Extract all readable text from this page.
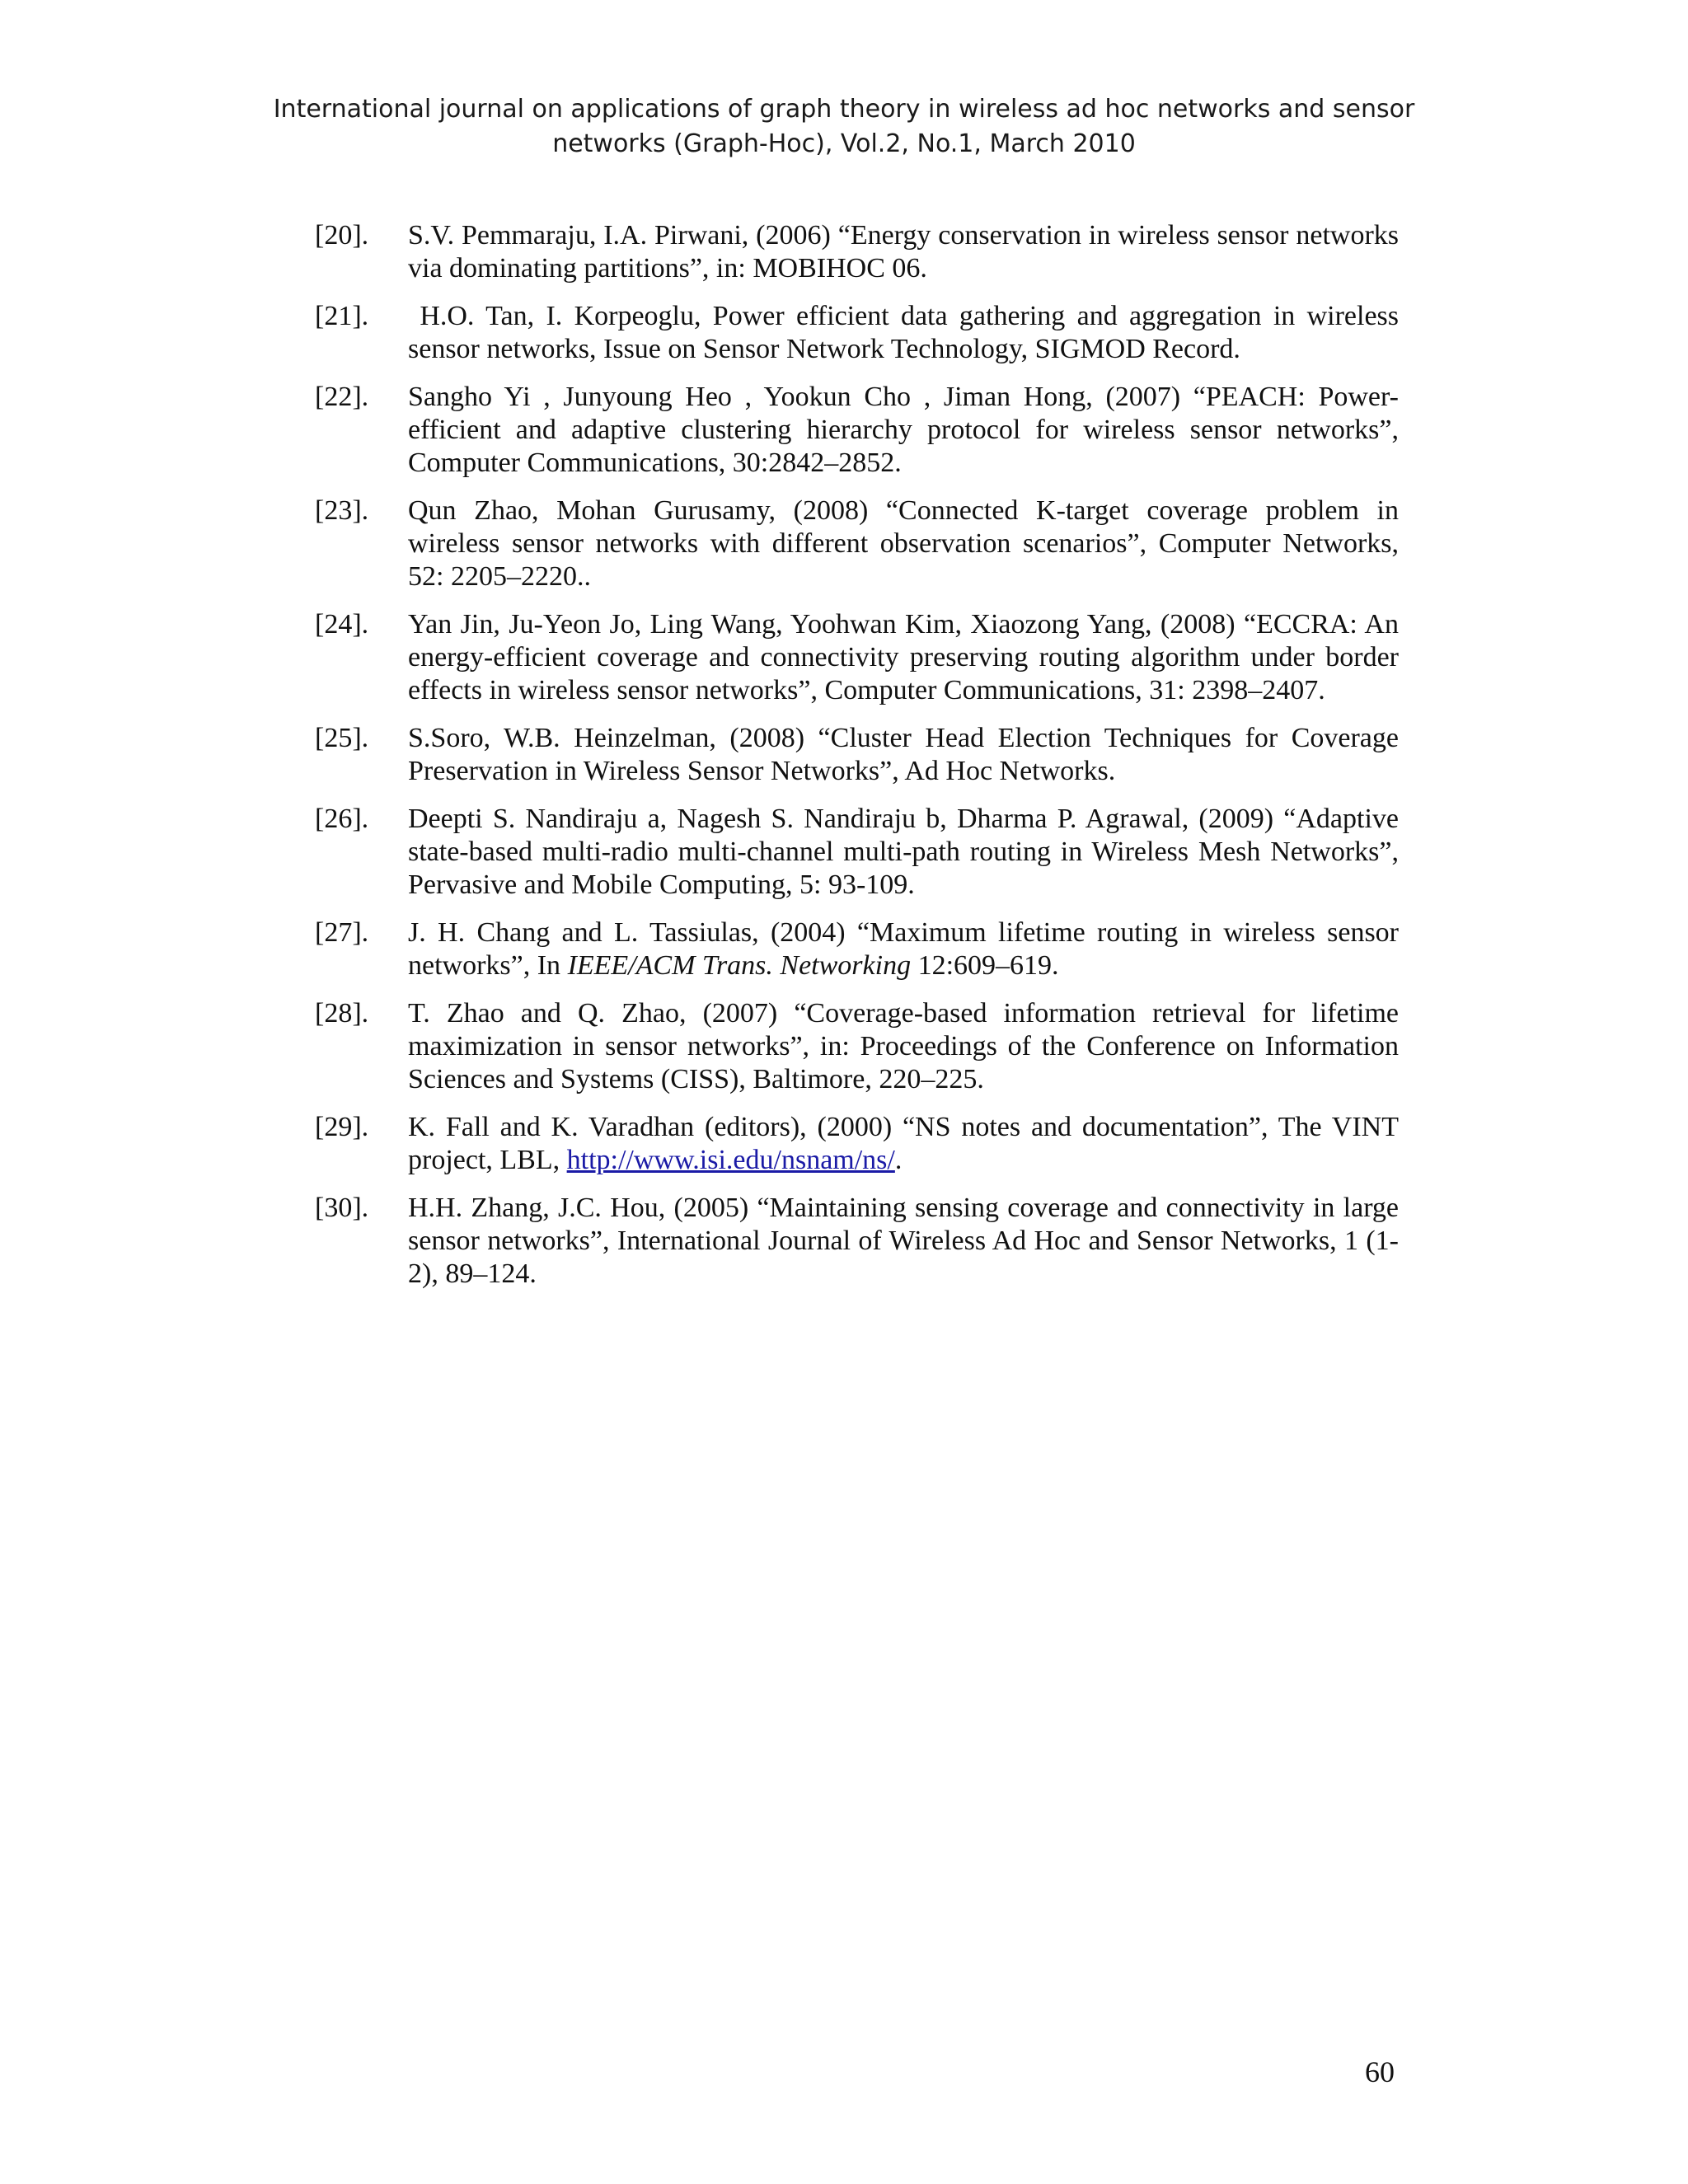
International journal on applications of graph theory in wireless ad hoc networks and sensor
networks (Graph-Hoc), Vol.2, No.1, March 2010
[20].	S.V. Pemmaraju, I.A. Pirwani, (2006) “Energy conservation in wireless sensor networks via dominating partitions”, in: MOBIHOC 06.
[21].	H.O. Tan, I. Korpeoglu, Power efficient data gathering and aggregation in wireless sensor networks, Issue on Sensor Network Technology, SIGMOD Record.
[22].	Sangho Yi , Junyoung Heo , Yookun Cho , Jiman Hong, (2007) “PEACH: Power-efficient and adaptive clustering hierarchy protocol for wireless sensor networks”, Computer Communications, 30:2842–2852.
[23].	Qun Zhao, Mohan Gurusamy, (2008) “Connected K-target coverage problem in wireless sensor networks with different observation scenarios”, Computer Networks, 52: 2205–2220..
[24].	Yan Jin, Ju-Yeon Jo, Ling Wang, Yoohwan Kim, Xiaozong Yang, (2008) “ECCRA: An energy-efficient coverage and connectivity preserving routing algorithm under border effects in wireless sensor networks”, Computer Communications, 31: 2398–2407.
[25].	S.Soro, W.B. Heinzelman, (2008) “Cluster Head Election Techniques for Coverage Preservation in Wireless Sensor Networks”, Ad Hoc Networks.
[26].	Deepti S. Nandiraju a, Nagesh S. Nandiraju b, Dharma P. Agrawal, (2009) “Adaptive state-based multi-radio multi-channel multi-path routing in Wireless Mesh Networks”, Pervasive and Mobile Computing, 5: 93-109.
[27].	J. H. Chang and L. Tassiulas, (2004) “Maximum lifetime routing in wireless sensor networks”, In IEEE/ACM Trans. Networking 12:609–619.
[28].	T. Zhao and Q. Zhao, (2007) “Coverage-based information retrieval for lifetime maximization in sensor networks”, in: Proceedings of the Conference on Information Sciences and Systems (CISS), Baltimore, 220–225.
[29].	K. Fall and K. Varadhan (editors), (2000) “NS notes and documentation”, The VINT project, LBL, http://www.isi.edu/nsnam/ns/.
[30].	H.H. Zhang, J.C. Hou, (2005) “Maintaining sensing coverage and connectivity in large sensor networks”, International Journal of Wireless Ad Hoc and Sensor Networks, 1 (1-2), 89–124.
60
